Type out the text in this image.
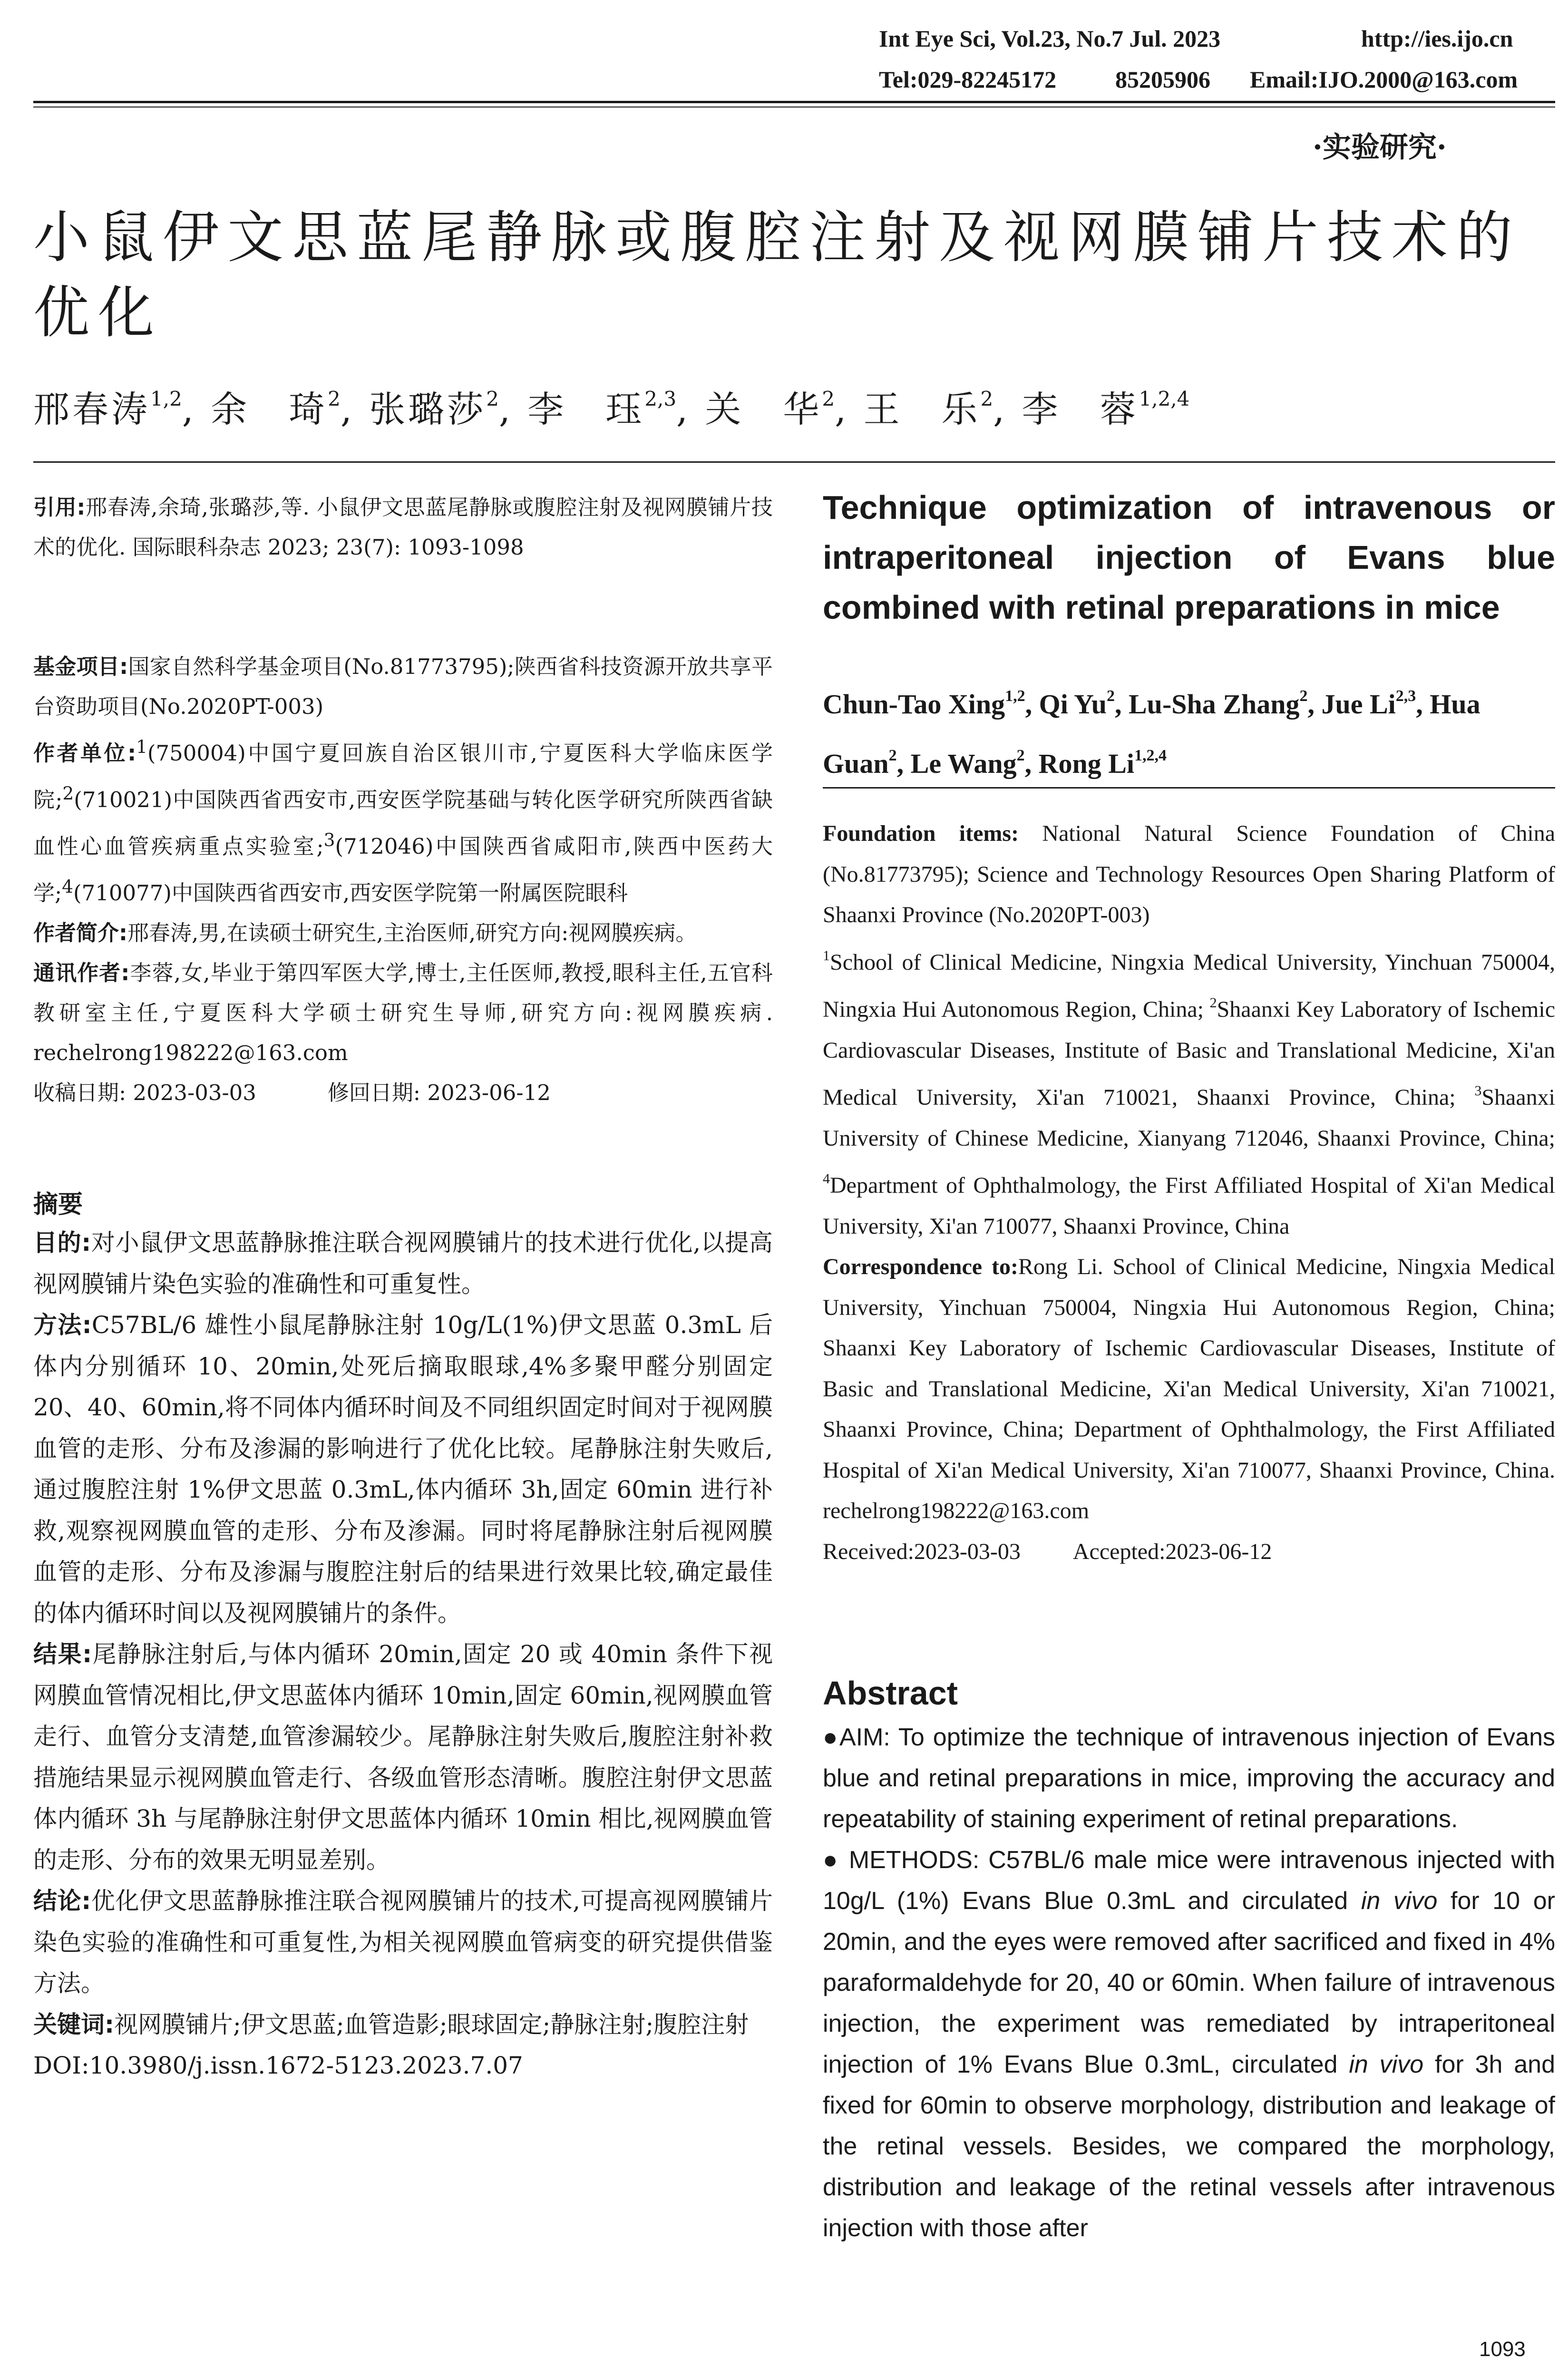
Int Eye Sci, Vol.23, No.7 Jul. 2023	http://ies.ijo.cn
Tel:029-82245172 85205906 Email:IJO.2000@163.com
·实验研究·
小鼠伊文思蓝尾静脉或腹腔注射及视网膜铺片技术的优化
邢春涛$^{1,2}$, 余　琦$^2$, 张璐莎$^2$, 李　珏$^{2,3}$, 关　华$^2$, 王　乐$^2$, 李　蓉$^{1,2,4}$
引用:邢春涛,余琦,张璐莎,等. 小鼠伊文思蓝尾静脉或腹腔注射及视网膜铺片技术的优化. 国际眼科杂志 2023; 23(7): 1093-1098

基金项目:国家自然科学基金项目(No.81773795);陕西省科技资源开放共享平台资助项目(No.2020PT-003)

作者单位:$^1$(750004)中国宁夏回族自治区银川市,宁夏医科大学临床医学院;$^2$(710021)中国陕西省西安市,西安医学院基础与转化医学研究所陕西省缺血性心血管疾病重点实验室;$^3$(712046)中国陕西省咸阳市,陕西中医药大学;$^4$(710077)中国陕西省西安市,西安医学院第一附属医院眼科

作者简介:邢春涛,男,在读硕士研究生,主治医师,研究方向:视网膜疾病。

通讯作者:李蓉,女,毕业于第四军医大学,博士,主任医师,教授,眼科主任,五官科教研室主任,宁夏医科大学硕士研究生导师,研究方向:视网膜疾病. rechelrong198222@163.com

收稿日期: 2023-03-03	修回日期: 2023-06-12

摘要

目的:对小鼠伊文思蓝静脉推注联合视网膜铺片的技术进行优化,以提高视网膜铺片染色实验的准确性和可重复性。

方法:C57BL/6 雄性小鼠尾静脉注射 10g/L(1%)伊文思蓝 0.3mL 后体内分别循环 10、20min,处死后摘取眼球,4%多聚甲醛分别固定 20、40、60min,将不同体内循环时间及不同组织固定时间对于视网膜血管的走形、分布及渗漏的影响进行了优化比较。尾静脉注射失败后,通过腹腔注射 1%伊文思蓝 0.3mL,体内循环 3h,固定 60min 进行补救,观察视网膜血管的走形、分布及渗漏。同时将尾静脉注射后视网膜血管的走形、分布及渗漏与腹腔注射后的结果进行效果比较,确定最佳的体内循环时间以及视网膜铺片的条件。

结果:尾静脉注射后,与体内循环 20min,固定 20 或 40min 条件下视网膜血管情况相比,伊文思蓝体内循环 10min,固定 60min,视网膜血管走行、血管分支清楚,血管渗漏较少。尾静脉注射失败后,腹腔注射补救措施结果显示视网膜血管走行、各级血管形态清晰。腹腔注射伊文思蓝体内循环 3h 与尾静脉注射伊文思蓝体内循环 10min 相比,视网膜血管的走形、分布的效果无明显差别。

结论:优化伊文思蓝静脉推注联合视网膜铺片的技术,可提高视网膜铺片染色实验的准确性和可重复性,为相关视网膜血管病变的研究提供借鉴方法。

关键词:视网膜铺片;伊文思蓝;血管造影;眼球固定;静脉注射;腹腔注射

DOI:10.3980/j.issn.1672-5123.2023.7.07

Technique optimization of intravenous or intraperitoneal injection of Evans blue combined with retinal preparations in mice
Chun-Tao Xing$^{1,2}$, Qi Yu$^2$, Lu-Sha Zhang$^2$, Jue Li$^{2,3}$, Hua Guan$^2$, Le Wang$^2$, Rong Li$^{1,2,4}$

Foundation items: National Natural Science Foundation of China (No.81773795); Science and Technology Resources Open Sharing Platform of Shaanxi Province (No.2020PT-003)

$^1$School of Clinical Medicine, Ningxia Medical University, Yinchuan 750004, Ningxia Hui Autonomous Region, China; $^2$Shaanxi Key Laboratory of Ischemic Cardiovascular Diseases, Institute of Basic and Translational Medicine, Xi'an Medical University, Xi'an 710021, Shaanxi Province, China; $^3$Shaanxi University of Chinese Medicine, Xianyang 712046, Shaanxi Province, China; $^4$Department of Ophthalmology, the First Affiliated Hospital of Xi'an Medical University, Xi'an 710077, Shaanxi Province, China

Correspondence to:Rong Li. School of Clinical Medicine, Ningxia Medical University, Yinchuan 750004, Ningxia Hui Autonomous Region, China; Shaanxi Key Laboratory of Ischemic Cardiovascular Diseases, Institute of Basic and Translational Medicine, Xi'an Medical University, Xi'an 710021, Shaanxi Province, China; Department of Ophthalmology, the First Affiliated Hospital of Xi'an Medical University, Xi'an 710077, Shaanxi Province, China. rechelrong198222@163.com

Received:2023-03-03 Accepted:2023-06-12

Abstract

●AIM: To optimize the technique of intravenous injection of Evans blue and retinal preparations in mice, improving the accuracy and repeatability of staining experiment of retinal preparations.

● METHODS: C57BL/6 male mice were intravenous injected with 10g/L (1%) Evans Blue 0.3mL and circulated in vivo for 10 or 20min, and the eyes were removed after sacrificed and fixed in 4% paraformaldehyde for 20, 40 or 60min. When failure of intravenous injection, the experiment was remediated by intraperitoneal injection of 1% Evans Blue 0.3mL, circulated in vivo for 3h and fixed for 60min to observe morphology, distribution and leakage of the retinal vessels. Besides, we compared the morphology, distribution and leakage of the retinal vessels after intravenous injection with those after

1093
